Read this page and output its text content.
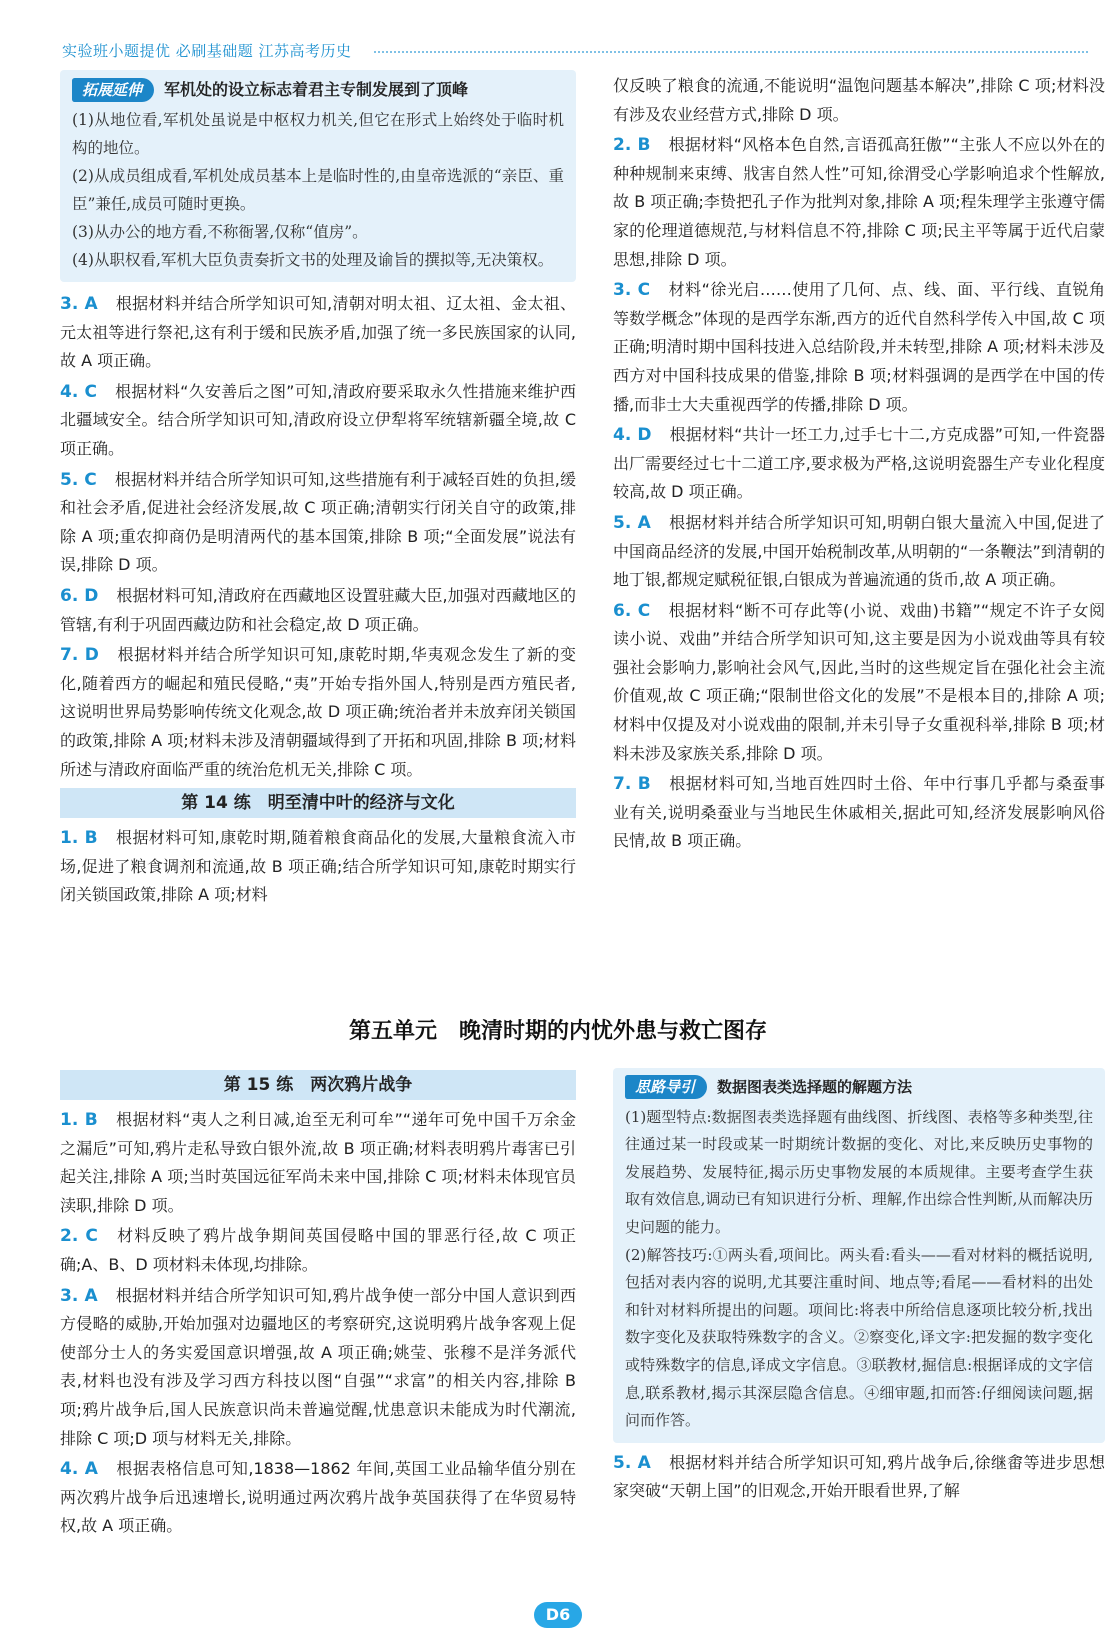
实验班小题提优 必刷基础题 江苏高考历史
拓展延伸 军机处的设立标志着君主专制发展到了顶峰
(1)从地位看,军机处虽说是中枢权力机关,但它在形式上始终处于临时机构的地位。
(2)从成员组成看,军机处成员基本上是临时性的,由皇帝选派的“亲臣、重臣”兼任,成员可随时更换。
(3)从办公的地方看,不称衙署,仅称“值房”。
(4)从职权看,军机大臣负责奏折文书的处理及谕旨的撰拟等,无决策权。
3. A 根据材料并结合所学知识可知,清朝对明太祖、辽太祖、金太祖、元太祖等进行祭祀,这有利于缓和民族矛盾,加强了统一多民族国家的认同,故 A 项正确。
4. C 根据材料“久安善后之图”可知,清政府要采取永久性措施来维护西北疆域安全。结合所学知识可知,清政府设立伊犁将军统辖新疆全境,故 C 项正确。
5. C 根据材料并结合所学知识可知,这些措施有利于减轻百姓的负担,缓和社会矛盾,促进社会经济发展,故 C 项正确;清朝实行闭关自守的政策,排除 A 项;重农抑商仍是明清两代的基本国策,排除 B 项;“全面发展”说法有误,排除 D 项。
6. D 根据材料可知,清政府在西藏地区设置驻藏大臣,加强对西藏地区的管辖,有利于巩固西藏边防和社会稳定,故 D 项正确。
7. D 根据材料并结合所学知识可知,康乾时期,华夷观念发生了新的变化,随着西方的崛起和殖民侵略,“夷”开始专指外国人,特别是西方殖民者,这说明世界局势影响传统文化观念,故 D 项正确;统治者并未放弃闭关锁国的政策,排除 A 项;材料未涉及清朝疆域得到了开拓和巩固,排除 B 项;材料所述与清政府面临严重的统治危机无关,排除 C 项。
第 14 练　明至清中叶的经济与文化
1. B 根据材料可知,康乾时期,随着粮食商品化的发展,大量粮食流入市场,促进了粮食调剂和流通,故 B 项正确;结合所学知识可知,康乾时期实行闭关锁国政策,排除 A 项;材料
仅反映了粮食的流通,不能说明“温饱问题基本解决”,排除 C 项;材料没有涉及农业经营方式,排除 D 项。
2. B 根据材料“风格本色自然,言语孤高狂傲”“主张人不应以外在的种种规制来束缚、戕害自然人性”可知,徐渭受心学影响追求个性解放,故 B 项正确;李贽把孔子作为批判对象,排除 A 项;程朱理学主张遵守儒家的伦理道德规范,与材料信息不符,排除 C 项;民主平等属于近代启蒙思想,排除 D 项。
3. C 材料“徐光启……使用了几何、点、线、面、平行线、直锐角等数学概念”体现的是西学东渐,西方的近代自然科学传入中国,故 C 项正确;明清时期中国科技进入总结阶段,并未转型,排除 A 项;材料未涉及西方对中国科技成果的借鉴,排除 B 项;材料强调的是西学在中国的传播,而非士大夫重视西学的传播,排除 D 项。
4. D 根据材料“共计一坯工力,过手七十二,方克成器”可知,一件瓷器出厂需要经过七十二道工序,要求极为严格,这说明瓷器生产专业化程度较高,故 D 项正确。
5. A 根据材料并结合所学知识可知,明朝白银大量流入中国,促进了中国商品经济的发展,中国开始税制改革,从明朝的“一条鞭法”到清朝的地丁银,都规定赋税征银,白银成为普遍流通的货币,故 A 项正确。
6. C 根据材料“断不可存此等(小说、戏曲)书籍”“规定不许子女阅读小说、戏曲”并结合所学知识可知,这主要是因为小说戏曲等具有较强社会影响力,影响社会风气,因此,当时的这些规定旨在强化社会主流价值观,故 C 项正确;“限制世俗文化的发展”不是根本目的,排除 A 项;材料中仅提及对小说戏曲的限制,并未引导子女重视科举,排除 B 项;材料未涉及家族关系,排除 D 项。
7. B 根据材料可知,当地百姓四时土俗、年中行事几乎都与桑蚕事业有关,说明桑蚕业与当地民生休戚相关,据此可知,经济发展影响风俗民情,故 B 项正确。
第五单元　晚清时期的内忧外患与救亡图存
第 15 练　两次鸦片战争
1. B 根据材料“夷人之利日减,迨至无利可牟”“递年可免中国千万余金之漏卮”可知,鸦片走私导致白银外流,故 B 项正确;材料表明鸦片毒害已引起关注,排除 A 项;当时英国远征军尚未来中国,排除 C 项;材料未体现官员渎职,排除 D 项。
2. C 材料反映了鸦片战争期间英国侵略中国的罪恶行径,故 C 项正确;A、B、D 项材料未体现,均排除。
3. A 根据材料并结合所学知识可知,鸦片战争使一部分中国人意识到西方侵略的威胁,开始加强对边疆地区的考察研究,这说明鸦片战争客观上促使部分士人的务实爱国意识增强,故 A 项正确;姚莹、张穆不是洋务派代表,材料也没有涉及学习西方科技以图“自强”“求富”的相关内容,排除 B 项;鸦片战争后,国人民族意识尚未普遍觉醒,忧患意识未能成为时代潮流,排除 C 项;D 项与材料无关,排除。
4. A 根据表格信息可知,1838—1862 年间,英国工业品输华值分别在两次鸦片战争后迅速增长,说明通过两次鸦片战争英国获得了在华贸易特权,故 A 项正确。
思路导引 数据图表类选择题的解题方法
(1)题型特点:数据图表类选择题有曲线图、折线图、表格等多种类型,往往通过某一时段或某一时期统计数据的变化、对比,来反映历史事物的发展趋势、发展特征,揭示历史事物发展的本质规律。主要考查学生获取有效信息,调动已有知识进行分析、理解,作出综合性判断,从而解决历史问题的能力。
(2)解答技巧:①两头看,项间比。两头看:看头——看对材料的概括说明,包括对表内容的说明,尤其要注重时间、地点等;看尾——看材料的出处和针对材料所提出的问题。项间比:将表中所给信息逐项比较分析,找出数字变化及获取特殊数字的含义。②察变化,译文字:把发掘的数字变化或特殊数字的信息,译成文字信息。③联教材,掘信息:根据译成的文字信息,联系教材,揭示其深层隐含信息。④细审题,扣而答:仔细阅读问题,据问而作答。
5. A 根据材料并结合所学知识可知,鸦片战争后,徐继畬等进步思想家突破“天朝上国”的旧观念,开始开眼看世界,了解
D6
